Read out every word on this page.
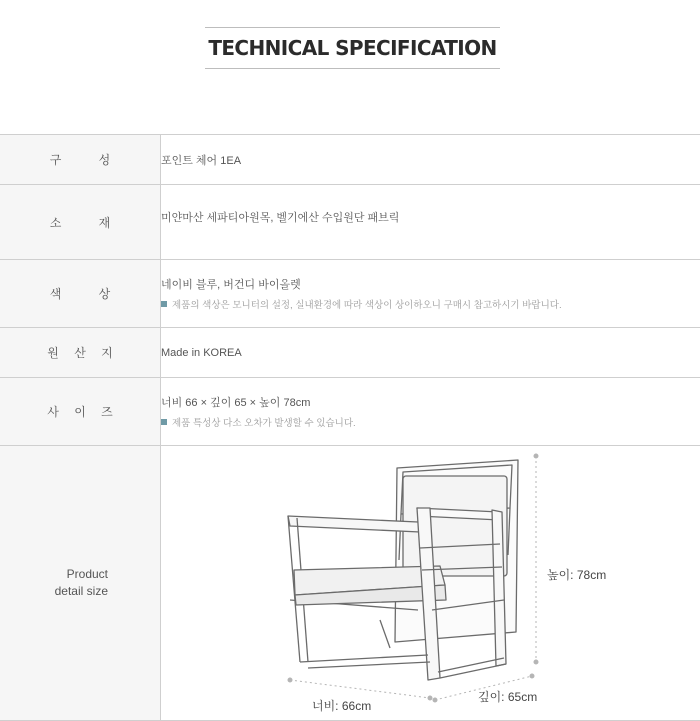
TECHNICAL SPECIFICATION
구 성	포인트 체어 1EA
소 재	미얀마산 세파티아원목, 벨기에산 수입원단 패브릭

색 상	네이비 블루, 버건디 바이올렛
제품의 색상은 모니터의 설정, 실내환경에 따라 색상이 상이하오니 구매시 참고하시기 바랍니다.

원 산 지	Made in KOREA
사 이 즈	너비 66 × 깊이 65 × 높이 78cm
제품 특성상 다소 오차가 발생할 수 있습니다.

Product
detail size	

높이: 78cm
깊이: 65cm
너비: 66cm
